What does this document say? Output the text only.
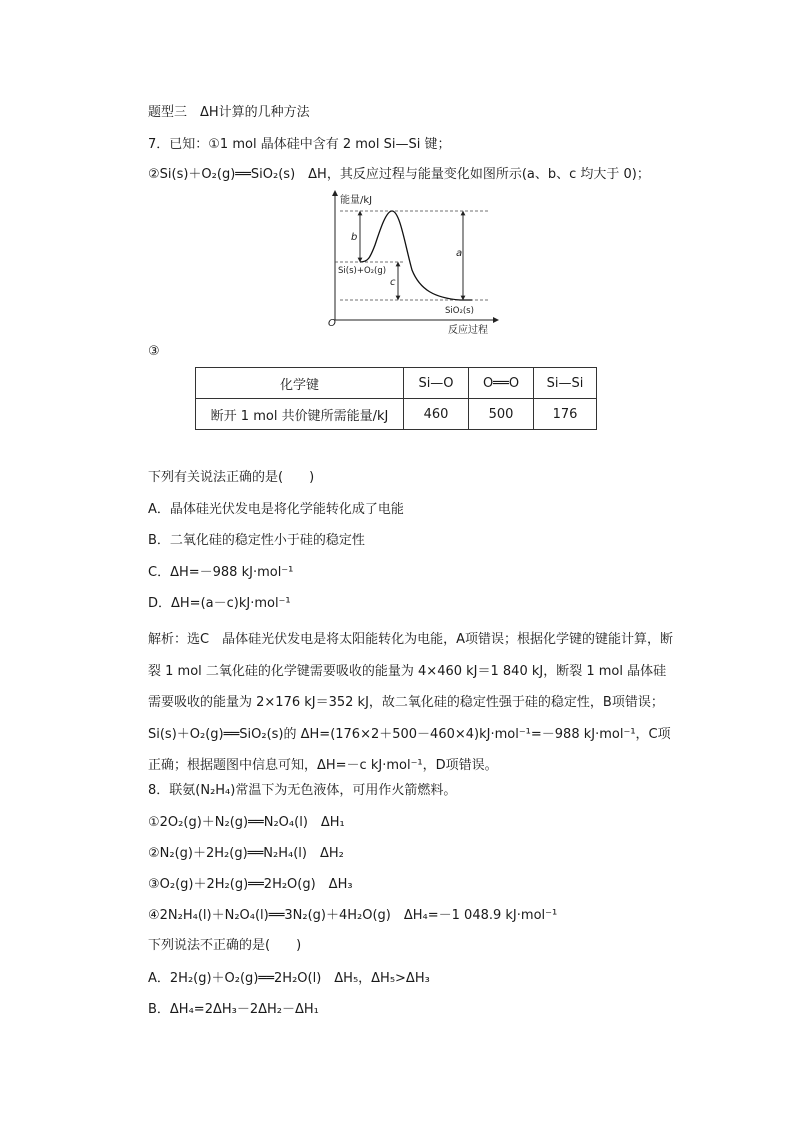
题型三　ΔH计算的几种方法
7．已知：①1 mol 晶体硅中含有 2 mol Si—Si 键；
②Si(s)＋O₂(g)══SiO₂(s)　ΔH，其反应过程与能量变化如图所示(a、b、c 均大于 0)；
能量/kJ
反应过程
O
b
c
a
Si(s)+O₂(g)
SiO₂(s)
③
化学键	Si—O	O══O	Si—Si
断开 1 mol 共价键所需能量/kJ	460	500	176
下列有关说法正确的是(　　)
A．晶体硅光伏发电是将化学能转化成了电能
B．二氧化硅的稳定性小于硅的稳定性
C．ΔH=－988 kJ·mol⁻¹
D．ΔH=(a－c)kJ·mol⁻¹
解析：选C　晶体硅光伏发电是将太阳能转化为电能，A项错误；根据化学键的键能计算，断裂 1 mol 二氧化硅的化学键需要吸收的能量为 4×460 kJ＝1 840 kJ，断裂 1 mol 晶体硅需要吸收的能量为 2×176 kJ＝352 kJ，故二氧化硅的稳定性强于硅的稳定性，B项错误；Si(s)＋O₂(g)══SiO₂(s)的 ΔH=(176×2＋500－460×4)kJ·mol⁻¹=－988 kJ·mol⁻¹，C项正确；根据题图中信息可知，ΔH=－c kJ·mol⁻¹，D项错误。
8．联氨(N₂H₄)常温下为无色液体，可用作火箭燃料。
①2O₂(g)＋N₂(g)══N₂O₄(l)　ΔH₁
②N₂(g)＋2H₂(g)══N₂H₄(l)　ΔH₂
③O₂(g)＋2H₂(g)══2H₂O(g)　ΔH₃
④2N₂H₄(l)＋N₂O₄(l)══3N₂(g)＋4H₂O(g)　ΔH₄=－1 048.9 kJ·mol⁻¹
下列说法不正确的是(　　)
A．2H₂(g)＋O₂(g)══2H₂O(l)　ΔH₅，ΔH₅>ΔH₃
B．ΔH₄=2ΔH₃－2ΔH₂－ΔH₁
